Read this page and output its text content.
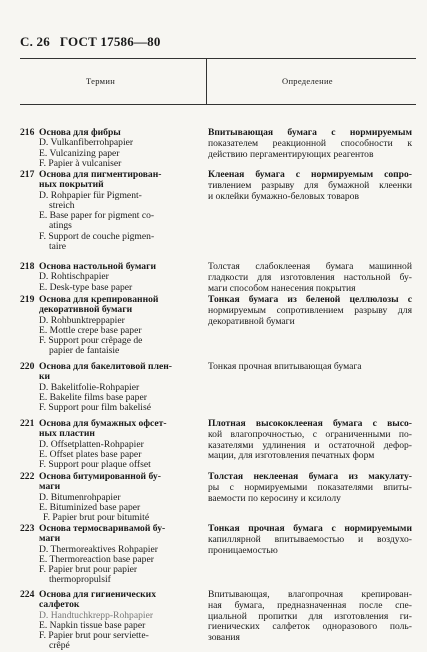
С. 26 ГОСТ 17586—80
Термин	Определение
216 Основа для фибры
D. Vulkanfiberrohpapier
E. Vulcanizing paper
F. Papier à vulcaniser
Впитывающая бумага с нормируемым
показателем реакционной способности к
действию пергаментирующих реагентов
217 Основа для пигментирован-
ных покрытий
D. Rohpapier für Pigment-
streich
E. Base paper for pigment co-
atings
F. Support de couche pigmen-
taire
Клееная бумага с нормируемым сопро-
тивлением разрыву для бумажной клеенки
и оклейки бумажно-беловых товаров
218 Основа настольной бумаги
D. Rohtischpapier
E. Desk-type base paper
Толстая слабоклееная бумага машинной
гладкости для изготовления настольной бу-
маги способом нанесения покрытия
219 Основа для крепированной
декоративной бумаги
D. Rohbunktreppapier
E. Mottle crepe base paper
F. Support pour crêpage de
papier de fantaisie
Тонкая бумага из беленой целлюлозы с
нормируемым сопротивлением разрыву для
декоративной бумаги
220 Основа для бакелитовой плен-
ки
D. Bakelitfolie-Rohpapier
E. Bakelite films base paper
F. Support pour film bakelisé
Тонкая прочная впитывающая бумага
221 Основа для бумажных офсет-
ных пластин
D. Offsetplatten-Rohpapier
E. Offset plates base paper
F. Support pour plaque offset
Плотная высококлееная бумага с высо-
кой влагопрочностью, с ограниченными по-
казателями удлинения и остаточной дефор-
мации, для изготовления печатных форм
222 Основа битумированной бу-
маги
D. Bitumenrohpapier
E. Bituminized base paper
F. Papier brut pour bitumité
Толстая неклееная бумага из макулату-
ры с нормируемыми показателями впиты-
ваемости по керосину и ксилолу
223 Основа термосваривамой бу-
маги
D. Thermoreaktives Rohpapier
E. Thermoreaction base paper
F. Papier brut pour papier
thermopropulsif
Тонкая прочная бумага с нормируемыми
капиллярной впитываемостью и воздухо-
проницаемостью
224 Основа для гигиенических
салфеток
D. Handtuchkrepp-Rohpapier
E. Napkin tissue base paper
F. Papier brut pour serviette-
crêpé
Впитывающая, влагопрочная крепирован-
ная бумага, предназначенная после спе-
циальной пропитки для изготовления ги-
гиенических салфеток одноразового поль-
зования
